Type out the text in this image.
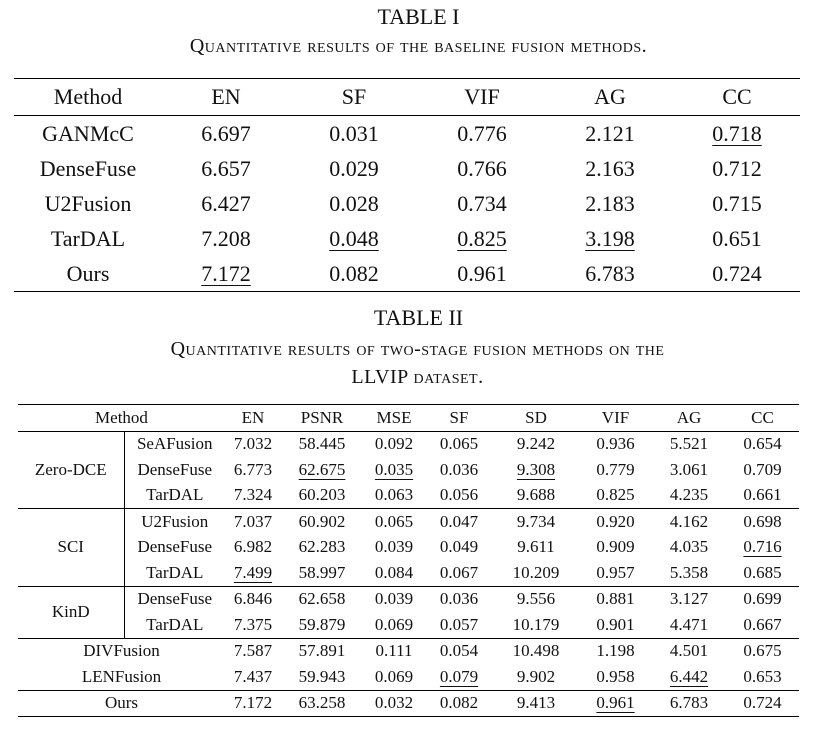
TABLE I
Quantitative results of the baseline fusion methods.
Method	EN	SF	VIF	AG	CC
GANMcC	6.697	0.031	0.776	2.121	0.718
DenseFuse	6.657	0.029	0.766	2.163	0.712
U2Fusion	6.427	0.028	0.734	2.183	0.715
TarDAL	7.208	0.048	0.825	3.198	0.651
Ours	7.172	0.082	0.961	6.783	0.724
TABLE II
Quantitative results of two-stage fusion methods on the
LLVIP dataset.
Method		EN	PSNR	MSE	SF	SD	VIF	AG	CC
Zero-DCE	SeAFusion	7.032	58.445	0.092	0.065	9.242	0.936	5.521	0.654
	DenseFuse	6.773	62.675	0.035	0.036	9.308	0.779	3.061	0.709
	TarDAL	7.324	60.203	0.063	0.056	9.688	0.825	4.235	0.661
SCI	U2Fusion	7.037	60.902	0.065	0.047	9.734	0.920	4.162	0.698
	DenseFuse	6.982	62.283	0.039	0.049	9.611	0.909	4.035	0.716
	TarDAL	7.499	58.997	0.084	0.067	10.209	0.957	5.358	0.685
KinD	DenseFuse	6.846	62.658	0.039	0.036	9.556	0.881	3.127	0.699
	TarDAL	7.375	59.879	0.069	0.057	10.179	0.901	4.471	0.667
DIVFusion		7.587	57.891	0.111	0.054	10.498	1.198	4.501	0.675
LENFusion		7.437	59.943	0.069	0.079	9.902	0.958	6.442	0.653
Ours		7.172	63.258	0.032	0.082	9.413	0.961	6.783	0.724
